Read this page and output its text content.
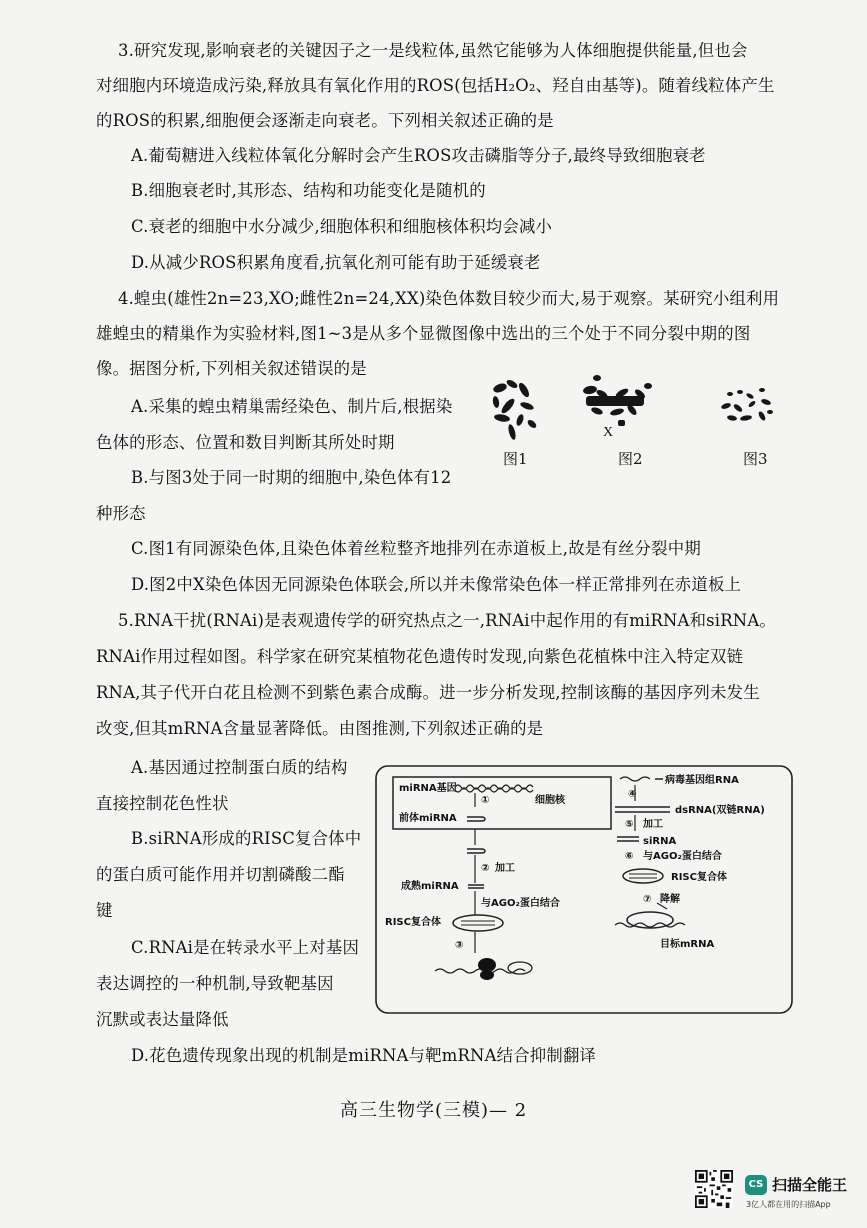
3.研究发现,影响衰老的关键因子之一是线粒体,虽然它能够为人体细胞提供能量,但也会
对细胞内环境造成污染,释放具有氧化作用的ROS(包括H₂O₂、羟自由基等)。随着线粒体产生
的ROS的积累,细胞便会逐渐走向衰老。下列相关叙述正确的是
A.葡萄糖进入线粒体氧化分解时会产生ROS攻击磷脂等分子,最终导致细胞衰老
B.细胞衰老时,其形态、结构和功能变化是随机的
C.衰老的细胞中水分减少,细胞体积和细胞核体积均会减小
D.从减少ROS积累角度看,抗氧化剂可能有助于延缓衰老
4.蝗虫(雄性2n=23,XO;雌性2n=24,XX)染色体数目较少而大,易于观察。某研究小组利用
雄蝗虫的精巢作为实验材料,图1~3是从多个显微图像中选出的三个处于不同分裂中期的图
像。据图分析,下列相关叙述错误的是
A.采集的蝗虫精巢需经染色、制片后,根据染
色体的形态、位置和数目判断其所处时期
B.与图3处于同一时期的细胞中,染色体有12
种形态
C.图1有同源染色体,且染色体着丝粒整齐地排列在赤道板上,故是有丝分裂中期
D.图2中X染色体因无同源染色体联会,所以并未像常染色体一样正常排列在赤道板上
X
图1	图2	图3
5.RNA干扰(RNAi)是表观遗传学的研究热点之一,RNAi中起作用的有miRNA和siRNA。
RNAi作用过程如图。科学家在研究某植物花色遗传时发现,向紫色花植株中注入特定双链
RNA,其子代开白花且检测不到紫色素合成酶。进一步分析发现,控制该酶的基因序列未发生
改变,但其mRNA含量显著降低。由图推测,下列叙述正确的是
A.基因通过控制蛋白质的结构
直接控制花色性状
B.siRNA形成的RISC复合体中
的蛋白质可能作用并切割磷酸二酯
键
C.RNAi是在转录水平上对基因
表达调控的一种机制,导致靶基因
沉默或表达量降低
D.花色遗传现象出现的机制是miRNA与靶mRNA结合抑制翻译
miRNA基因
①	细胞核
前体miRNA
② 加工
成熟miRNA
与AGO₂蛋白结合
RISC复合体
③
病毒基因组RNA
④
dsRNA(双链RNA)
⑤ 加工
siRNA
⑥ 与AGO₂蛋白结合
RISC复合体
⑦ 降解
目标mRNA
高三生物学(三模)— 2
CS 扫描全能王
3亿人都在用的扫描App
